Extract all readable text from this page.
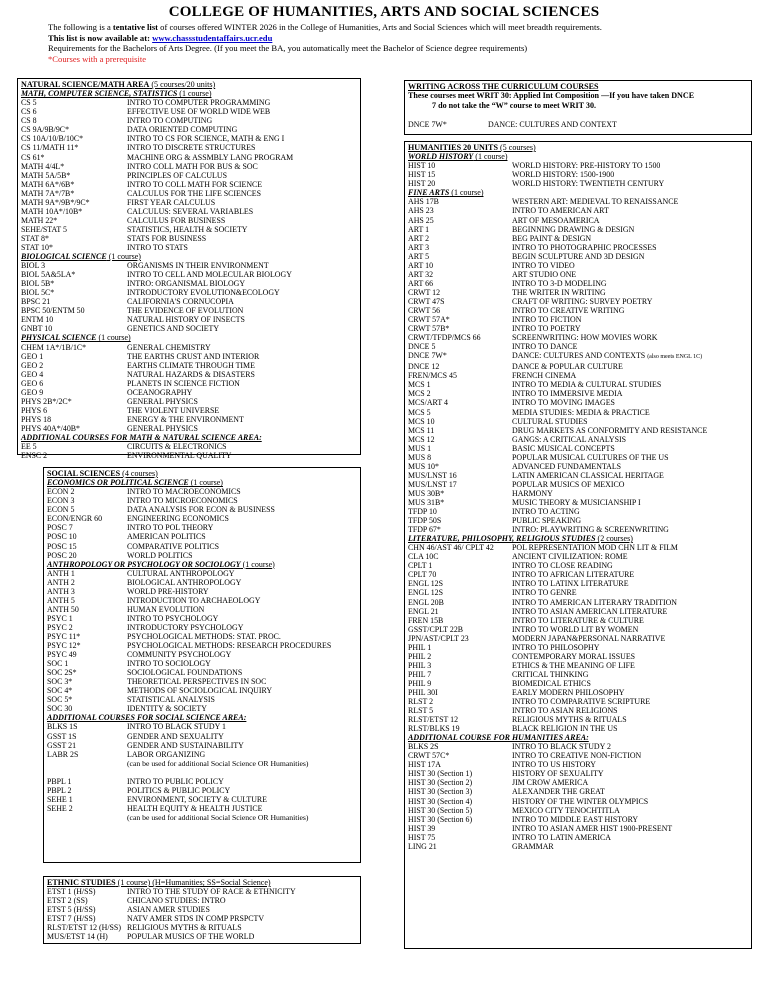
COLLEGE OF HUMANITIES, ARTS AND SOCIAL SCIENCES
The following is a tentative list of courses offered WINTER 2026 in the College of Humanities, Arts and Social Sciences which will meet breadth requirements.
This list is now available at: www.chassstudentaffairs.ucr.edu
Requirements for the Bachelors of Arts Degree. (If you meet the BA, you automatically meet the Bachelor of Science degree requirements)
*Courses with a prerequisite
NATURAL SCIENCE/MATH AREA (5 courses/20 units)
MATH, COMPUTER SCIENCE, STATISTICS (1 course)
CS 5	INTRO TO COMPUTER PROGRAMMING
CS 6	EFFECTIVE USE OF WORLD WIDE WEB
CS 8	INTRO TO COMPUTING
CS 9A/9B/9C*	DATA ORIENTED COMPUTING
CS 10A/10/B/10C*	INTRO TO CS FOR SCIENCE, MATH & ENG I
CS 11/MATH 11*	INTRO TO DISCRETE STRUCTURES
CS 61*	MACHINE ORG & ASSMBLY LANG PROGRAM
MATH 4/4L*	INTRO COLL MATH FOR BUS & SOC
MATH 5A/5B*	PRINCIPLES OF CALCULUS
MATH 6A*/6B*	INTRO TO COLL MATH FOR SCIENCE
MATH 7A*/7B*	CALCULUS FOR THE LIFE SCIENCES
MATH 9A*/9B*/9C*	FIRST YEAR CALCULUS
MATH 10A*/10B*	CALCULUS: SEVERAL VARIABLES
MATH 22*	CALCULUS FOR BUSINESS
SEHE/STAT 5	STATISTICS, HEALTH & SOCIETY
STAT 8*	STATS FOR BUSINESS
STAT 10*	INTRO TO STATS
BIOLOGICAL SCIENCE (1 course)
BIOL 3	ORGANISMS IN THEIR ENVIRONMENT
BIOL 5A&5LA*	INTRO TO CELL AND MOLECULAR BIOLOGY
BIOL 5B*	INTRO: ORGANISMAL BIOLOGY
BIOL 5C*	INTRODUCTORY EVOLUTION&ECOLOGY
BPSC 21	CALIFORNIA'S CORNUCOPIA
BPSC 50/ENTM 50	THE EVIDENCE OF EVOLUTION
ENTM 10	NATURAL HISTORY OF INSECTS
GNBT 10	GENETICS AND SOCIETY
PHYSICAL SCIENCE (1 course)
CHEM 1A*/1B/1C*	GENERAL CHEMISTRY
GEO 1	THE EARTHS CRUST AND INTERIOR
GEO 2	EARTHS CLIMATE THROUGH TIME
GEO 4	NATURAL HAZARDS & DISASTERS
GEO 6	PLANETS IN SCIENCE FICTION
GEO 9	OCEANOGRAPHY
PHYS 2B*/2C*	GENERAL PHYSICS
PHYS 6	THE VIOLENT UNIVERSE
PHYS 18	ENERGY & THE ENVIRONMENT
PHYS 40A*/40B*	GENERAL PHYSICS
ADDITIONAL COURSES FOR MATH & NATURAL SCIENCE AREA:
EE 5	CIRCUITS & ELECTRONICS
ENSC 2	ENVIRONMENTAL QUALITY
SOCIAL SCIENCES (4 courses)
ECONOMICS OR POLITICAL SCIENCE (1 course)
ECON 2	INTRO TO MACROECONOMICS
ECON 3	INTRO TO MICROECONOMICS
ECON 5	DATA ANALYSIS FOR ECON & BUSINESS
ECON/ENGR 60	ENGINEERING ECONOMICS
POSC 7	INTRO TO POL THEORY
POSC 10	AMERICAN POLITICS
POSC 15	COMPARATIVE POLITICS
POSC 20	WORLD POLITICS
ANTHROPOLOGY OR PSYCHOLOGY OR SOCIOLOGY (1 course)
ANTH 1	CULTURAL ANTHROPOLOGY
ANTH 2	BIOLOGICAL ANTHROPOLOGY
ANTH 3	WORLD PRE-HISTORY
ANTH 5	INTRODUCTION TO ARCHAEOLOGY
ANTH 50	HUMAN EVOLUTION
PSYC 1	INTRO TO PSYCHOLOGY
PSYC 2	INTRODUCTORY PSYCHOLOGY
PSYC 11*	PSYCHOLOGICAL METHODS: STAT. PROC.
PSYC 12*	PSYCHOLOGICAL METHODS: RESEARCH PROCEDURES
PSYC 49	COMMUNITY PSYCHOLOGY
SOC 1	INTRO TO SOCIOLOGY
SOC 2S*	SOCIOLOGICAL FOUNDATIONS
SOC 3*	THEORETICAL PERSPECTIVES IN SOC
SOC 4*	METHODS OF SOCIOLOGICAL INQUIRY
SOC 5*	STATISTICAL ANALYSIS
SOC 30	IDENTITY & SOCIETY
ADDITIONAL COURSES FOR SOCIAL SCIENCE AREA:
BLKS 1S	INTRO TO BLACK STUDY 1
GSST 1S	GENDER AND SEXUALITY
GSST 21	GENDER AND SUSTAINABILITY
LABR 2S	LABOR ORGANIZING
(can be used for additional Social Science OR Humanities)
PBPL 1	INTRO TO PUBLIC POLICY
PBPL 2	POLITICS & PUBLIC POLICY
SEHE 1	ENVIRONMENT, SOCIETY & CULTURE
SEHE 2	HEALTH EQUITY & HEALTH JUSTICE
(can be used for additional Social Science OR Humanities)
ETHNIC STUDIES (1 course) (H=Humanities; SS=Social Science)
ETST 1 (H/SS)	INTRO TO THE STUDY OF RACE & ETHNICITY
ETST 2 (SS)	CHICANO STUDIES: INTRO
ETST 5 (H/SS)	ASIAN AMER STUDIES
ETST 7 (H/SS)	NATV AMER STDS IN COMP PRSPCTV
RLST/ETST 12 (H/SS) RELIGIOUS MYTHS & RITUALS
MUS/ETST 14 (H)	POPULAR MUSICS OF THE WORLD
WRITING ACROSS THE CURRICULUM COURSES
These courses meet WRIT 30: Applied Int Composition —If you have taken DNCE
7 do not take the “W” course to meet WRIT 30.
DNCE 7W*	DANCE: CULTURES AND CONTEXT
HUMANITIES 20 UNITS (5 courses)
WORLD HISTORY (1 course)
HIST 10	WORLD HISTORY: PRE-HISTORY TO 1500
HIST 15	WORLD HISTORY: 1500-1900
HIST 20	WORLD HISTORY: TWENTIETH CENTURY
FINE ARTS (1 course)
AHS 17B	WESTERN ART: MEDIEVAL TO RENAISSANCE
AHS 23	INTRO TO AMERICAN ART
AHS 25	ART OF MESOAMERICA
ART 1	BEGINNING DRAWING & DESIGN
ART 2	BEG PAINT & DESIGN
ART 3	INTRO TO PHOTOGRAPHIC PROCESSES
ART 5	BEGIN SCULPTURE AND 3D DESIGN
ART 10	INTRO TO VIDEO
ART 32	ART STUDIO ONE
ART 66	INTRO TO 3-D MODELING
CRWT 12	THE WRITER IN WRITING
CRWT 47S	CRAFT OF WRITING: SURVEY POETRY
CRWT 56	INTRO TO CREATIVE WRITING
CRWT 57A*	INTRO TO FICTION
CRWT 57B*	INTRO TO POETRY
CRWT/TFDP/MCS 66	SCREENWRITING: HOW MOVIES WORK
DNCE 5	INTRO TO DANCE
DNCE 7W*	DANCE: CULTURES AND CONTEXTS (also meets ENGL 1C)
DNCE 12	DANCE & POPULAR CULTURE
FREN/MCS 45	FRENCH CINEMA
MCS 1	INTRO TO MEDIA & CULTURAL STUDIES
MCS 2	INTRO TO IMMERSIVE MEDIA
MCS/ART 4	INTRO TO MOVING IMAGES
MCS 5	MEDIA STUDIES: MEDIA & PRACTICE
MCS 10	CULTURAL STUDIES
MCS 11	DRUG MARKETS AS CONFORMITY AND RESISTANCE
MCS 12	GANGS: A CRITICAL ANALYSIS
MUS 1	BASIC MUSICAL CONCEPTS
MUS 8	POPULAR MUSICAL CULTURES OF THE US
MUS 10*	ADVANCED FUNDAMENTALS
MUS/LNST 16	LATIN AMERICAN CLASSICAL HERITAGE
MUS/LNST 17	POPULAR MUSICS OF MEXICO
MUS 30B*	HARMONY
MUS 31B*	MUSIC THEORY & MUSICIANSHIP I
TFDP 10	INTRO TO ACTING
TFDP 50S	PUBLIC SPEAKING
TFDP 67*	INTRO: PLAYWRITING & SCREENWRITING
LITERATURE, PHILOSOPHY, RELIGIOUS STUDIES (2 courses)
CHN 46/AST 46/ CPLT 42	POL REPRESENTATION MOD CHN LIT & FILM
CLA 10C	ANCIENT CIVILIZATION: ROME
CPLT 1	INTRO TO CLOSE READING
CPLT 70	INTRO TO AFRICAN LITERATURE
ENGL 12S	INTRO TO LATINX LITERATURE
ENGL 12S	INTRO TO GENRE
ENGL 20B	INTRO TO AMERICAN LITERARY TRADITION
ENGL 21	INTRO TO ASIAN AMERICAN LITERATURE
FREN 15B	INTRO TO LITERATURE & CULTURE
GSST/CPLT 22B	INTRO TO WORLD LIT BY WOMEN
JPN/AST/CPLT 23	MODERN JAPAN&PERSONAL NARRATIVE
PHIL 1	INTRO TO PHILOSOPHY
PHIL 2	CONTEMPORARY MORAL ISSUES
PHIL 3	ETHICS & THE MEANING OF LIFE
PHIL 7	CRITICAL THINKING
PHIL 9	BIOMEDICAL ETHICS
PHIL 30I	EARLY MODERN PHILOSOPHY
RLST 2	INTRO TO COMPARATIVE SCRIPTURE
RLST 5	INTRO TO ASIAN RELIGIONS
RLST/ETST 12	RELIGIOUS MYTHS & RITUALS
RLST/BLKS 19	BLACK RELIGION IN THE US
ADDITIONAL COURSE FOR HUMANITIES AREA:
BLKS 2S	INTRO TO BLACK STUDY 2
CRWT 57C*	INTRO TO CREATIVE NON-FICTION
HIST 17A	INTRO TO US HISTORY
HIST 30 (Section 1)	HISTORY OF SEXUALITY
HIST 30 (Section 2)	JIM CROW AMERICA
HIST 30 (Section 3)	ALEXANDER THE GREAT
HIST 30 (Section 4)	HISTORY OF THE WINTER OLYMPICS
HIST 30 (Section 5)	MEXICO CITY TENOCHTITLA
HIST 30 (Section 6)	INTRO TO MIDDLE EAST HISTORY
HIST 39	INTRO TO ASIAN AMER HIST 1900-PRESENT
HIST 75	INTRO TO LATIN AMERICA
LING 21	GRAMMAR
